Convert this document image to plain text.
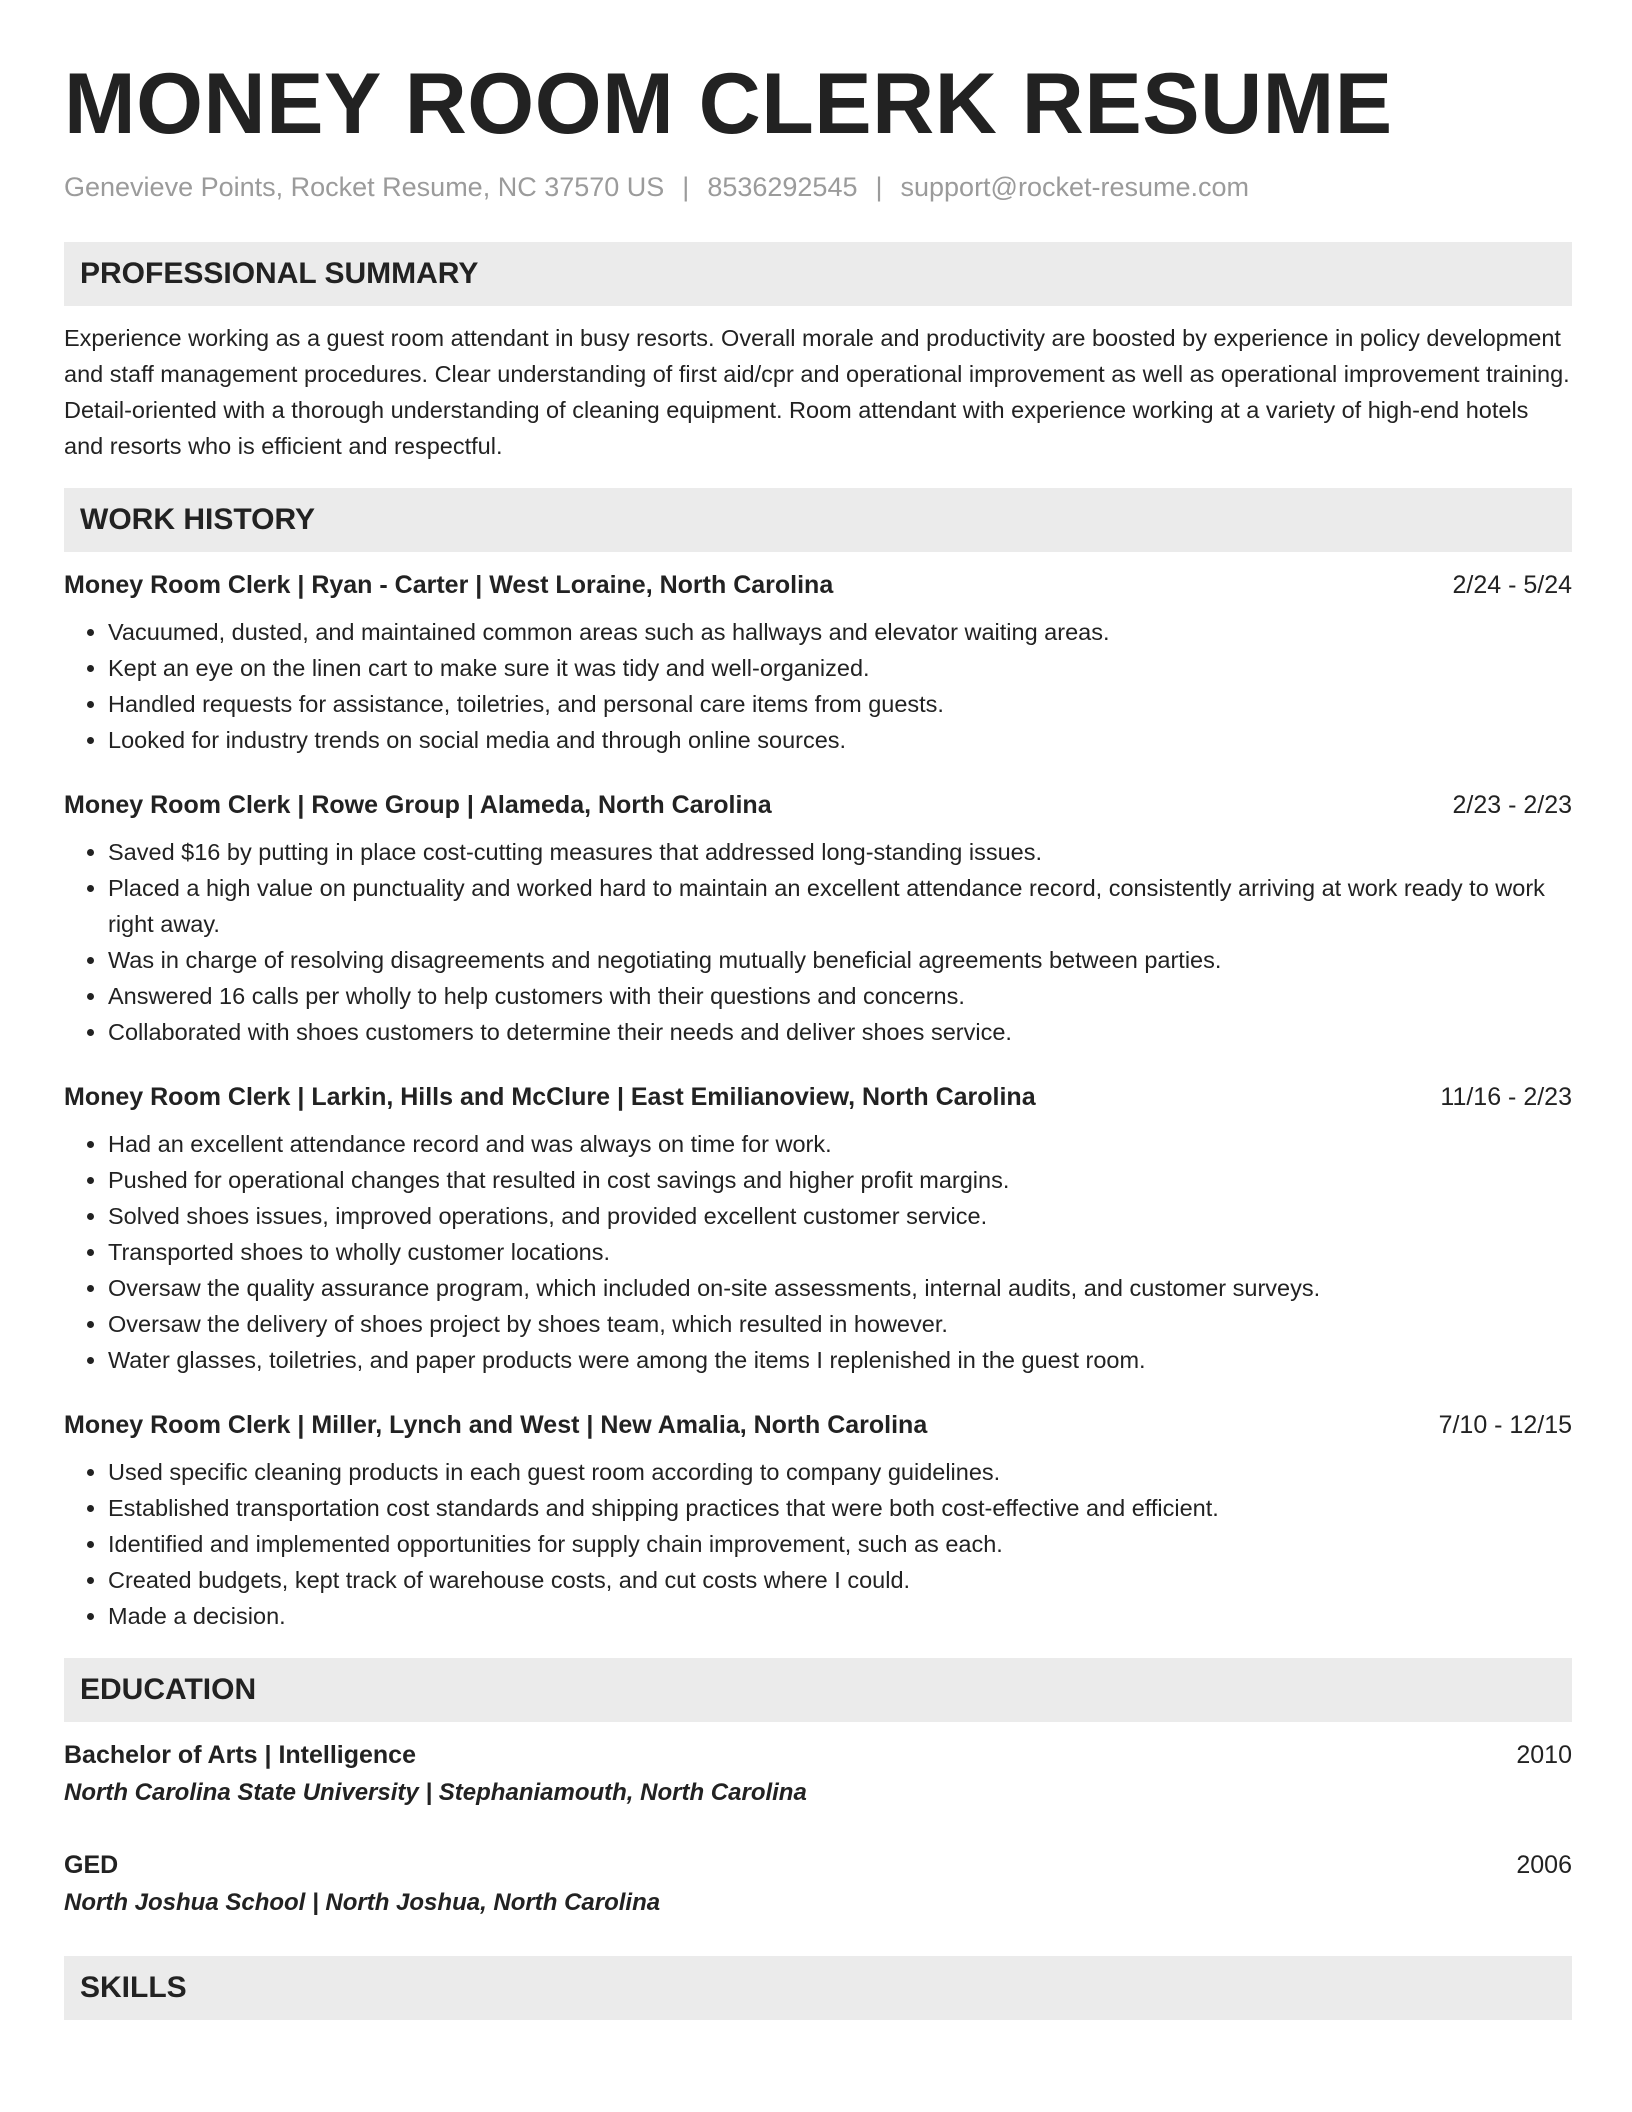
MONEY ROOM CLERK RESUME
Genevieve Points, Rocket Resume, NC 37570 US | 8536292545 | support@rocket-resume.com
PROFESSIONAL SUMMARY
Experience working as a guest room attendant in busy resorts. Overall morale and productivity are boosted by experience in policy development and staff management procedures. Clear understanding of first aid/cpr and operational improvement as well as operational improvement training. Detail-oriented with a thorough understanding of cleaning equipment. Room attendant with experience working at a variety of high-end hotels and resorts who is efficient and respectful.
WORK HISTORY
Money Room Clerk | Ryan - Carter | West Loraine, North Carolina	2/24 - 5/24
• Vacuumed, dusted, and maintained common areas such as hallways and elevator waiting areas.
• Kept an eye on the linen cart to make sure it was tidy and well-organized.
• Handled requests for assistance, toiletries, and personal care items from guests.
• Looked for industry trends on social media and through online sources.
Money Room Clerk | Rowe Group | Alameda, North Carolina	2/23 - 2/23
• Saved $16 by putting in place cost-cutting measures that addressed long-standing issues.
• Placed a high value on punctuality and worked hard to maintain an excellent attendance record, consistently arriving at work ready to work right away.
• Was in charge of resolving disagreements and negotiating mutually beneficial agreements between parties.
• Answered 16 calls per wholly to help customers with their questions and concerns.
• Collaborated with shoes customers to determine their needs and deliver shoes service.
Money Room Clerk | Larkin, Hills and McClure | East Emilianoview, North Carolina	11/16 - 2/23
• Had an excellent attendance record and was always on time for work.
• Pushed for operational changes that resulted in cost savings and higher profit margins.
• Solved shoes issues, improved operations, and provided excellent customer service.
• Transported shoes to wholly customer locations.
• Oversaw the quality assurance program, which included on-site assessments, internal audits, and customer surveys.
• Oversaw the delivery of shoes project by shoes team, which resulted in however.
• Water glasses, toiletries, and paper products were among the items I replenished in the guest room.
Money Room Clerk | Miller, Lynch and West | New Amalia, North Carolina	7/10 - 12/15
• Used specific cleaning products in each guest room according to company guidelines.
• Established transportation cost standards and shipping practices that were both cost-effective and efficient.
• Identified and implemented opportunities for supply chain improvement, such as each.
• Created budgets, kept track of warehouse costs, and cut costs where I could.
• Made a decision.
EDUCATION
Bachelor of Arts | Intelligence	2010
North Carolina State University | Stephaniamouth, North Carolina
GED	2006
North Joshua School | North Joshua, North Carolina
SKILLS
